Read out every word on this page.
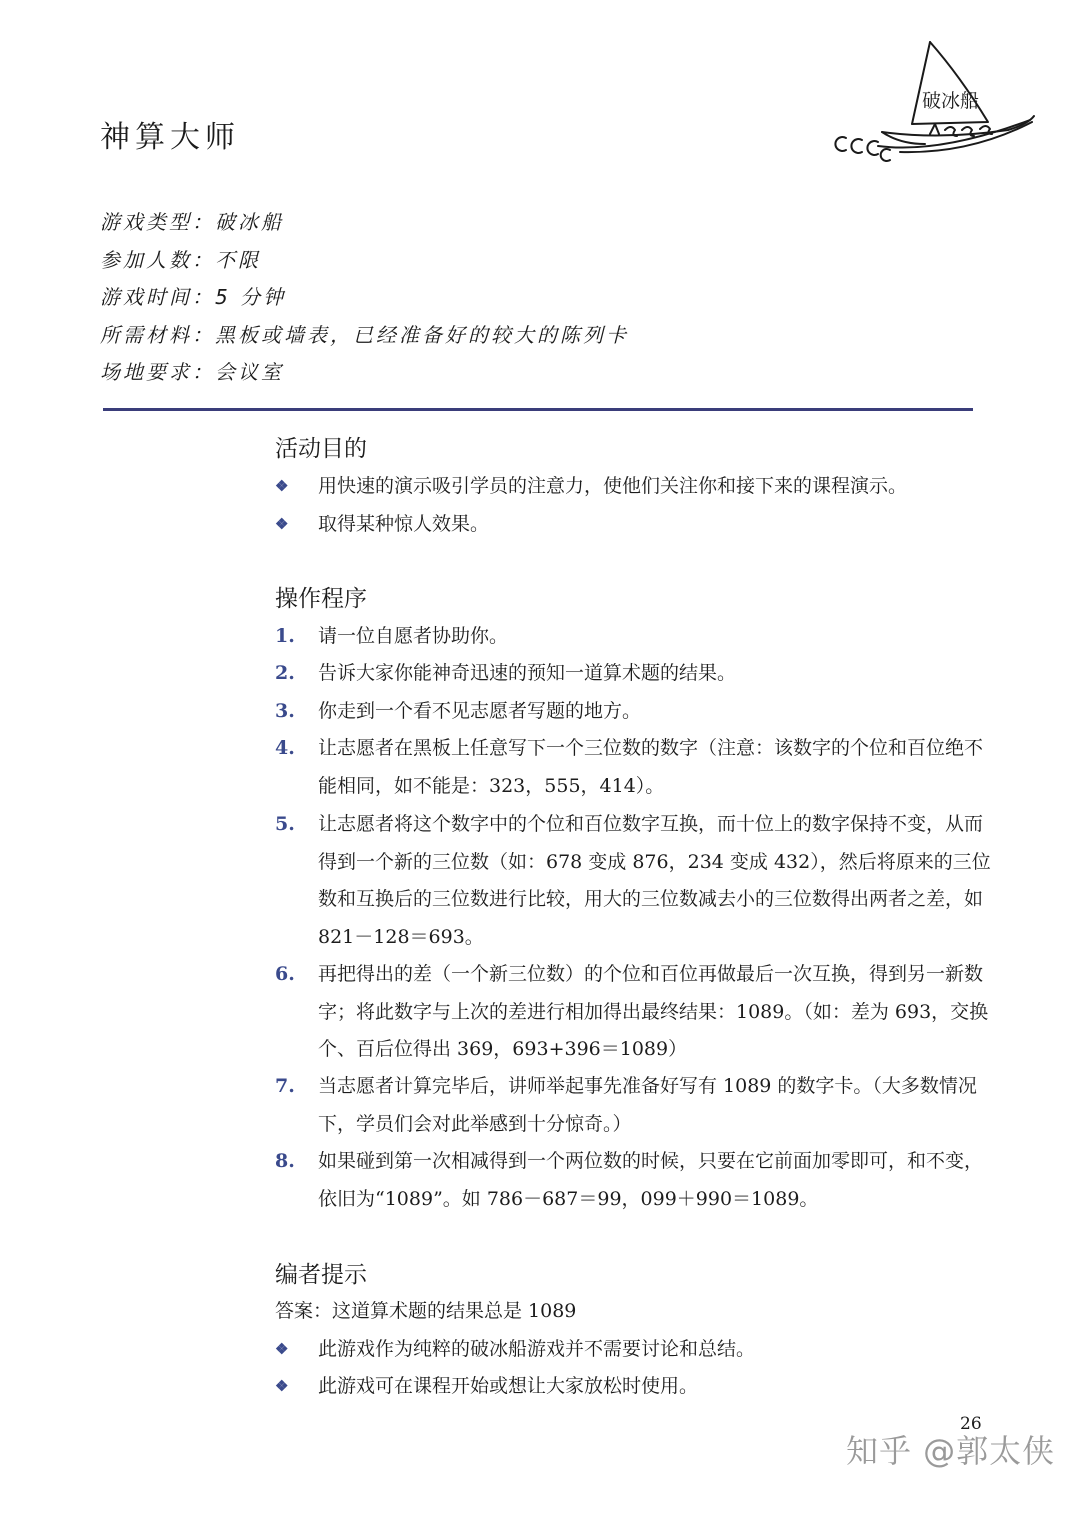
神算大师
破冰船
游戏类型：破冰船
参加人数：不限
游戏时间：5 分钟
所需材料：黑板或墙表，已经准备好的较大的陈列卡
场地要求：会议室
活动目的
❖	用快速的演示吸引学员的注意力，使他们关注你和接下来的课程演示。
❖	取得某种惊人效果。
操作程序
1.	请一位自愿者协助你。
2.	告诉大家你能神奇迅速的预知一道算术题的结果。
3.	你走到一个看不见志愿者写题的地方。
4.	让志愿者在黑板上任意写下一个三位数的数字（注意：该数字的个位和百位绝不能相同，如不能是：323，555，414）。
5.	让志愿者将这个数字中的个位和百位数字互换，而十位上的数字保持不变，从而得到一个新的三位数（如：678 变成 876，234 变成 432），然后将原来的三位数和互换后的三位数进行比较，用大的三位数减去小的三位数得出两者之差，如 821－128＝693。
6.	再把得出的差（一个新三位数）的个位和百位再做最后一次互换，得到另一新数字；将此数字与上次的差进行相加得出最终结果：1089。（如：差为 693，交换个、百后位得出 369，693+396＝1089）
7.	当志愿者计算完毕后，讲师举起事先准备好写有 1089 的数字卡。（大多数情况下，学员们会对此举感到十分惊奇。）
8.	如果碰到第一次相减得到一个两位数的时候，只要在它前面加零即可，和不变，依旧为“1089”。如 786－687＝99，099＋990＝1089。
编者提示
答案：这道算术题的结果总是 1089
❖	此游戏作为纯粹的破冰船游戏并不需要讨论和总结。
❖	此游戏可在课程开始或想让大家放松时使用。
26
知乎 @郭太侠
